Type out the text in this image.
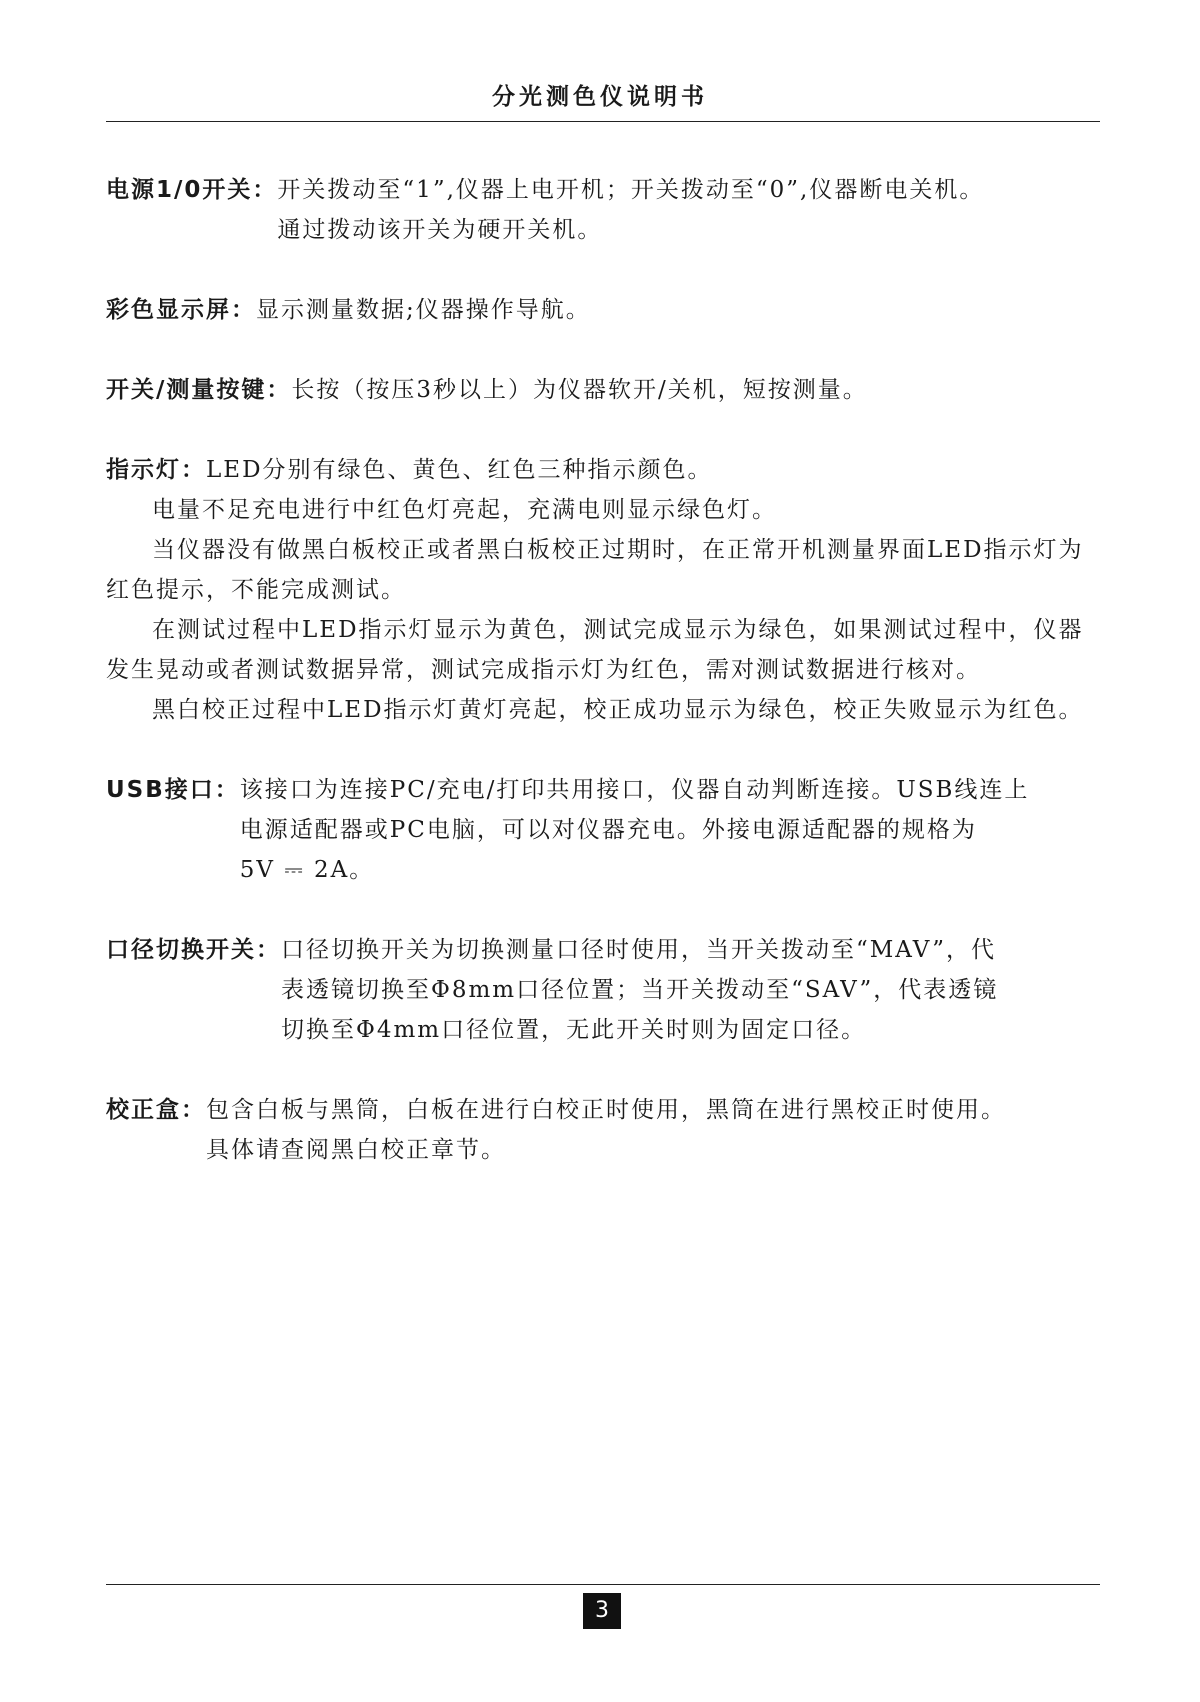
分光测色仪说明书
电源1/0开关： 开关拨动至“1”,仪器上电开机；开关拨动至“0”,仪器断电关机。

通过拨动该开关为硬开关机。

彩色显示屏： 显示测量数据;仪器操作导航。

开关/测量按键： 长按（按压3秒以上）为仪器软开/关机，短按测量。

指示灯：LED分别有绿色、黄色、红色三种指示颜色。

电量不足充电进行中红色灯亮起，充满电则显示绿色灯。

当仪器没有做黑白板校正或者黑白板校正过期时，在正常开机测量界面LED指示灯为红色提示，不能完成测试。

在测试过程中LED指示灯显示为黄色，测试完成显示为绿色，如果测试过程中，仪器发生晃动或者测试数据异常，测试完成指示灯为红色，需对测试数据进行核对。

黑白校正过程中LED指示灯黄灯亮起，校正成功显示为绿色，校正失败显示为红色。

USB接口： 该接口为连接PC/充电/打印共用接口，仪器自动判断连接。USB线连上

电源适配器或PC电脑，可以对仪器充电。外接电源适配器的规格为

5V ⎓ 2A。

口径切换开关： 口径切换开关为切换测量口径时使用，当开关拨动至“MAV”，代

表透镜切换至Φ8mm口径位置；当开关拨动至“SAV”，代表透镜

切换至Φ4mm口径位置，无此开关时则为固定口径。

校正盒： 包含白板与黑筒，白板在进行白校正时使用，黑筒在进行黑校正时使用。

具体请查阅黑白校正章节。

3
